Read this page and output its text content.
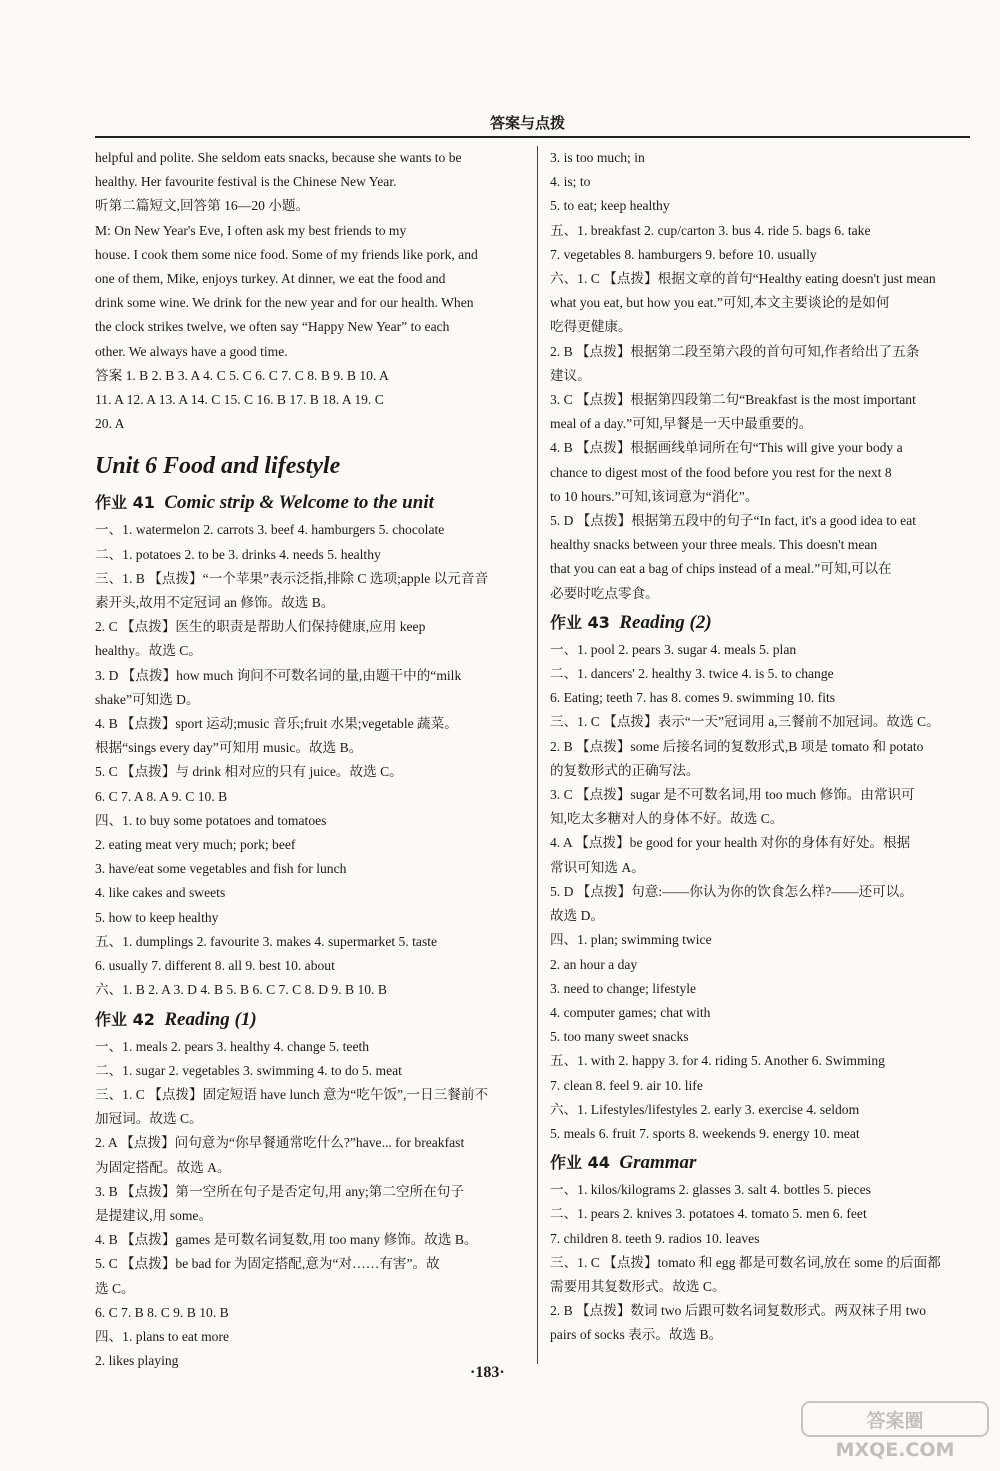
答案与点拨
helpful and polite. She seldom eats snacks, because she wants to be
healthy. Her favourite festival is the Chinese New Year.
听第二篇短文,回答第 16—20 小题。
M: On New Year's Eve, I often ask my best friends to my
house. I cook them some nice food. Some of my friends like pork, and
one of them, Mike, enjoys turkey. At dinner, we eat the food and
drink some wine. We drink for the new year and for our health. When
the clock strikes twelve, we often say “Happy New Year” to each
other. We always have a good time.
答案 1. B 2. B 3. A 4. C 5. C 6. C 7. C 8. B 9. B 10. A
11. A 12. A 13. A 14. C 15. C 16. B 17. B 18. A 19. C
20. A
Unit 6 Food and lifestyle
作业 41 Comic strip & Welcome to the unit
一、1. watermelon 2. carrots 3. beef 4. hamburgers 5. chocolate
二、1. potatoes 2. to be 3. drinks 4. needs 5. healthy
三、1. B 【点拨】“一个苹果”表示泛指,排除 C 选项;apple 以元音音
素开头,故用不定冠词 an 修饰。故选 B。
2. C 【点拨】医生的职责是帮助人们保持健康,应用 keep
healthy。故选 C。
3. D 【点拨】how much 询问不可数名词的量,由题干中的“milk
shake”可知选 D。
4. B 【点拨】sport 运动;music 音乐;fruit 水果;vegetable 蔬菜。
根据“sings every day”可知用 music。故选 B。
5. C 【点拨】与 drink 相对应的只有 juice。故选 C。
6. C 7. A 8. A 9. C 10. B
四、1. to buy some potatoes and tomatoes
2. eating meat very much; pork; beef
3. have/eat some vegetables and fish for lunch
4. like cakes and sweets
5. how to keep healthy
五、1. dumplings 2. favourite 3. makes 4. supermarket 5. taste
6. usually 7. different 8. all 9. best 10. about
六、1. B 2. A 3. D 4. B 5. B 6. C 7. C 8. D 9. B 10. B
作业 42 Reading (1)
一、1. meals 2. pears 3. healthy 4. change 5. teeth
二、1. sugar 2. vegetables 3. swimming 4. to do 5. meat
三、1. C 【点拨】固定短语 have lunch 意为“吃午饭”,一日三餐前不
加冠词。故选 C。
2. A 【点拨】问句意为“你早餐通常吃什么?”have... for breakfast
为固定搭配。故选 A。
3. B 【点拨】第一空所在句子是否定句,用 any;第二空所在句子
是提建议,用 some。
4. B 【点拨】games 是可数名词复数,用 too many 修饰。故选 B。
5. C 【点拨】be bad for 为固定搭配,意为“对……有害”。故
选 C。
6. C 7. B 8. C 9. B 10. B
四、1. plans to eat more
2. likes playing
3. is too much; in
4. is; to
5. to eat; keep healthy
五、1. breakfast 2. cup/carton 3. bus 4. ride 5. bags 6. take
7. vegetables 8. hamburgers 9. before 10. usually
六、1. C 【点拨】根据文章的首句“Healthy eating doesn't just mean
what you eat, but how you eat.”可知,本文主要谈论的是如何
吃得更健康。
2. B 【点拨】根据第二段至第六段的首句可知,作者给出了五条
建议。
3. C 【点拨】根据第四段第二句“Breakfast is the most important
meal of a day.”可知,早餐是一天中最重要的。
4. B 【点拨】根据画线单词所在句“This will give your body a
chance to digest most of the food before you rest for the next 8
to 10 hours.”可知,该词意为“消化”。
5. D 【点拨】根据第五段中的句子“In fact, it's a good idea to eat
healthy snacks between your three meals. This doesn't mean
that you can eat a bag of chips instead of a meal.”可知,可以在
必要时吃点零食。
作业 43 Reading (2)
一、1. pool 2. pears 3. sugar 4. meals 5. plan
二、1. dancers' 2. healthy 3. twice 4. is 5. to change
6. Eating; teeth 7. has 8. comes 9. swimming 10. fits
三、1. C 【点拨】表示“一天”冠词用 a,三餐前不加冠词。故选 C。
2. B 【点拨】some 后接名词的复数形式,B 项是 tomato 和 potato
的复数形式的正确写法。
3. C 【点拨】sugar 是不可数名词,用 too much 修饰。由常识可
知,吃太多糖对人的身体不好。故选 C。
4. A 【点拨】be good for your health 对你的身体有好处。根据
常识可知选 A。
5. D 【点拨】句意:——你认为你的饮食怎么样?——还可以。
故选 D。
四、1. plan; swimming twice
2. an hour a day
3. need to change; lifestyle
4. computer games; chat with
5. too many sweet snacks
五、1. with 2. happy 3. for 4. riding 5. Another 6. Swimming
7. clean 8. feel 9. air 10. life
六、1. Lifestyles/lifestyles 2. early 3. exercise 4. seldom
5. meals 6. fruit 7. sports 8. weekends 9. energy 10. meat
作业 44 Grammar
一、1. kilos/kilograms 2. glasses 3. salt 4. bottles 5. pieces
二、1. pears 2. knives 3. potatoes 4. tomato 5. men 6. feet
7. children 8. teeth 9. radios 10. leaves
三、1. C 【点拨】tomato 和 egg 都是可数名词,放在 some 的后面都
需要用其复数形式。故选 C。
2. B 【点拨】数词 two 后跟可数名词复数形式。两双袜子用 two
pairs of socks 表示。故选 B。
·183·
答案圈
MXQE.COM
